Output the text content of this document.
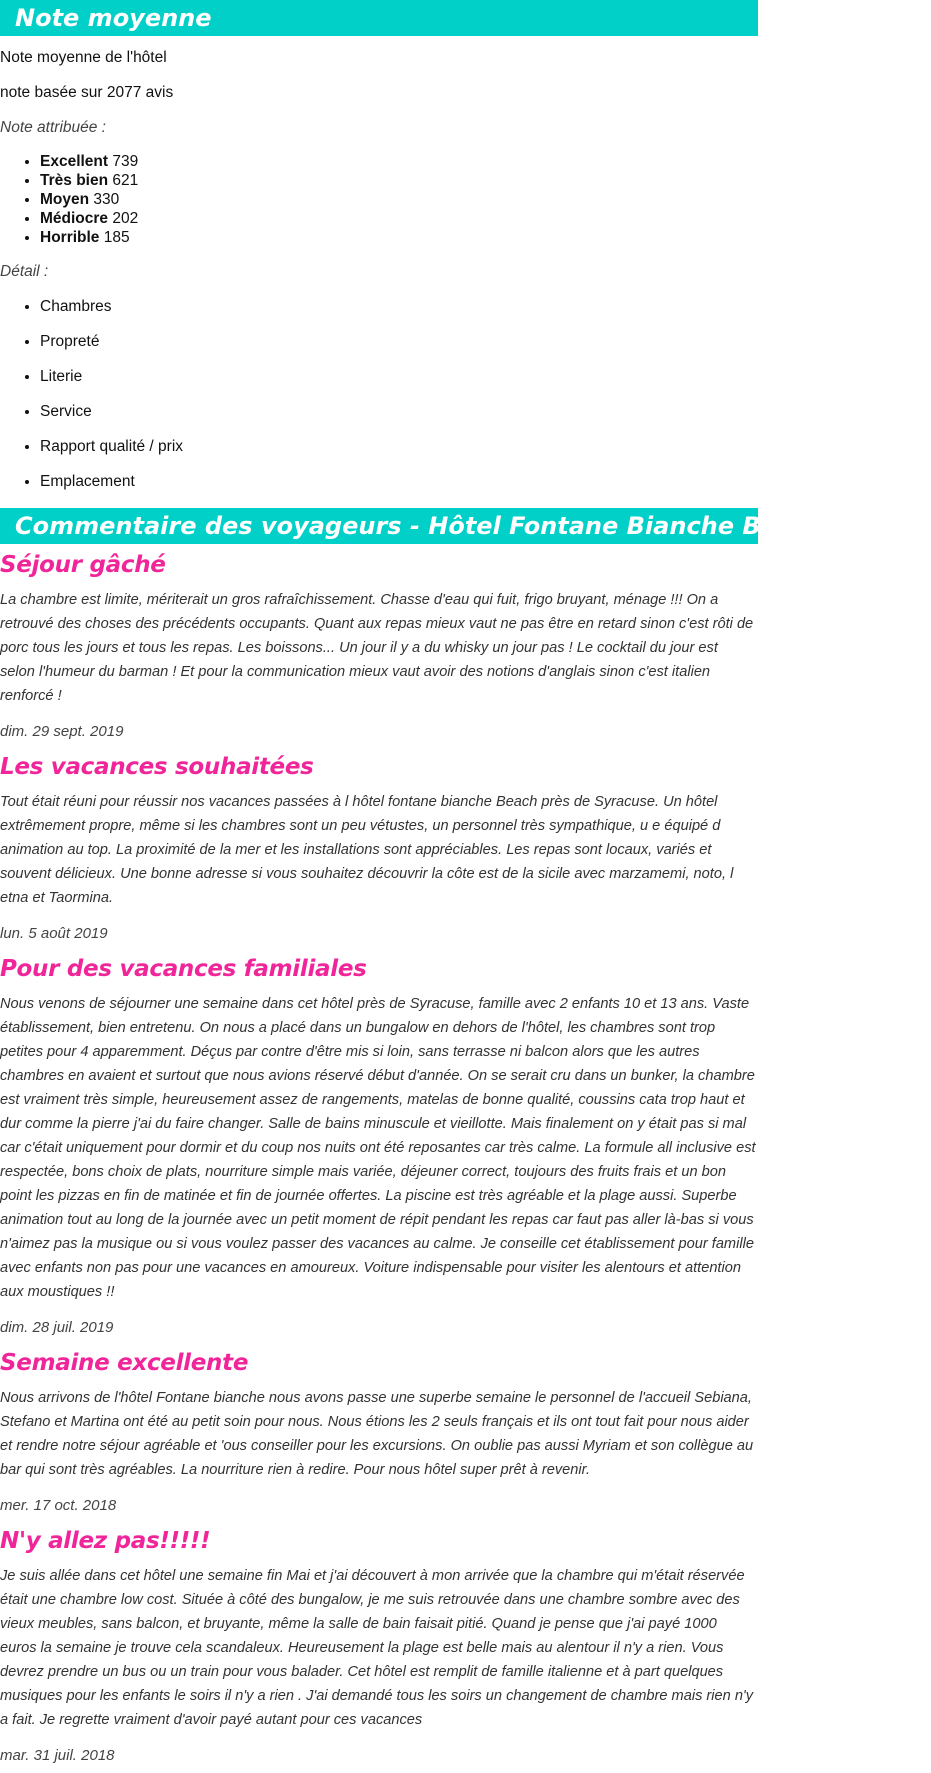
Note moyenne

Note moyenne de l'hôtel

note basée sur 2077 avis

Note attribuée :

• Excellent 739
• Très bien 621
• Moyen 330
• Médiocre 202
• Horrible 185

Détail :

• Chambres
• Propreté
• Literie
• Service
• Rapport qualité / prix
• Emplacement
Commentaire des voyageurs - Hôtel Fontane Bianche Beach Club 4*
Séjour gâché

La chambre est limite, mériterait un gros rafraîchissement. Chasse d'eau qui fuit, frigo bruyant, ménage !!! On a retrouvé des choses des précédents occupants. Quant aux repas mieux vaut ne pas être en retard sinon c'est rôti de porc tous les jours et tous les repas. Les boissons... Un jour il y a du whisky un jour pas ! Le cocktail du jour est selon l'humeur du barman ! Et pour la communication mieux vaut avoir des notions d'anglais sinon c'est italien renforcé !

dim. 29 sept. 2019

Les vacances souhaitées

Tout était réuni pour réussir nos vacances passées à l hôtel fontane bianche Beach près de Syracuse. Un hôtel extrêmement propre, même si les chambres sont un peu vétustes, un personnel très sympathique, u e équipé d animation au top. La proximité de la mer et les installations sont appréciables. Les repas sont locaux, variés et souvent délicieux. Une bonne adresse si vous souhaitez découvrir la côte est de la sicile avec marzamemi, noto, l etna et Taormina.

lun. 5 août 2019

Pour des vacances familiales

Nous venons de séjourner une semaine dans cet hôtel près de Syracuse, famille avec 2 enfants 10 et 13 ans. Vaste établissement, bien entretenu. On nous a placé dans un bungalow en dehors de l'hôtel, les chambres sont trop petites pour 4 apparemment. Déçus par contre d'être mis si loin, sans terrasse ni balcon alors que les autres chambres en avaient et surtout que nous avions réservé début d'année. On se serait cru dans un bunker, la chambre est vraiment très simple, heureusement assez de rangements, matelas de bonne qualité, coussins cata trop haut et dur comme la pierre j'ai du faire changer. Salle de bains minuscule et vieillotte. Mais finalement on y était pas si mal car c'était uniquement pour dormir et du coup nos nuits ont été reposantes car très calme. La formule all inclusive est respectée, bons choix de plats, nourriture simple mais variée, déjeuner correct, toujours des fruits frais et un bon point les pizzas en fin de matinée et fin de journée offertes. La piscine est très agréable et la plage aussi. Superbe animation tout au long de la journée avec un petit moment de répit pendant les repas car faut pas aller là-bas si vous n'aimez pas la musique ou si vous voulez passer des vacances au calme. Je conseille cet établissement pour famille avec enfants non pas pour une vacances en amoureux. Voiture indispensable pour visiter les alentours et attention aux moustiques !!

dim. 28 juil. 2019

Semaine excellente

Nous arrivons de l'hôtel Fontane bianche nous avons passe une superbe semaine le personnel de l'accueil Sebiana, Stefano et Martina ont été au petit soin pour nous. Nous étions les 2 seuls français et ils ont tout fait pour nous aider et rendre notre séjour agréable et 'ous conseiller pour les excursions. On oublie pas aussi Myriam et son collègue au bar qui sont très agréables. La nourriture rien à redire. Pour nous hôtel super prêt à revenir.

mer. 17 oct. 2018

N'y allez pas!!!!!

Je suis allée dans cet hôtel une semaine fin Mai et j'ai découvert à mon arrivée que la chambre qui m'était réservée était une chambre low cost. Située à côté des bungalow, je me suis retrouvée dans une chambre sombre avec des vieux meubles, sans balcon, et bruyante, même la salle de bain faisait pitié. Quand je pense que j'ai payé 1000 euros la semaine je trouve cela scandaleux. Heureusement la plage est belle mais au alentour il n'y a rien. Vous devrez prendre un bus ou un train pour vous balader. Cet hôtel est remplit de famille italienne et à part quelques musiques pour les enfants le soirs il n'y a rien . J'ai demandé tous les soirs un changement de chambre mais rien n'y a fait. Je regrette vraiment d'avoir payé autant pour ces vacances

mar. 31 juil. 2018
